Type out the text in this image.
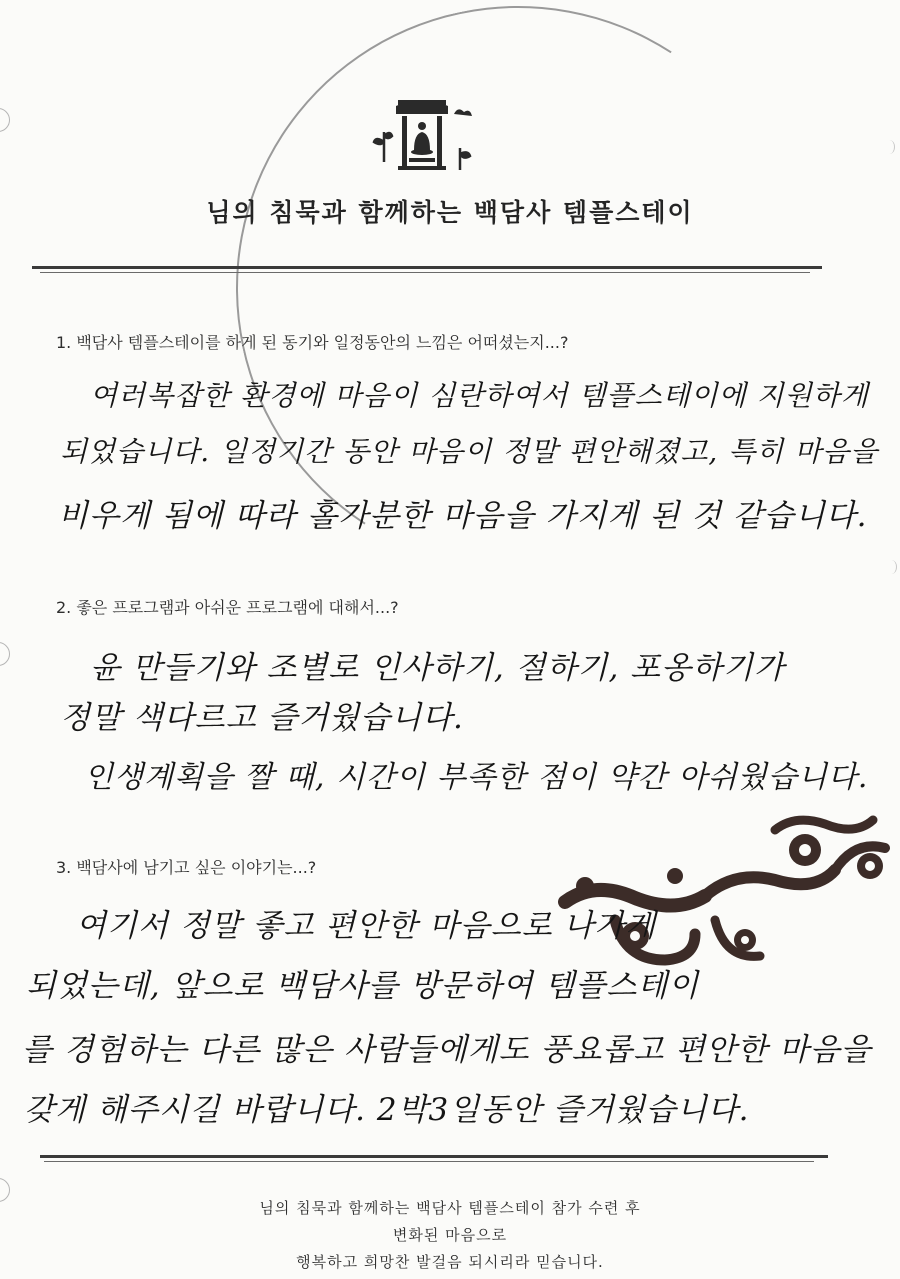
님의 침묵과 함께하는 백담사 템플스테이
1. 백담사 템플스테이를 하게 된 동기와 일정동안의 느낌은 어떠셨는지...?
여러복잡한 환경에 마음이 심란하여서 템플스테이에 지원하게
되었습니다. 일정기간 동안 마음이 정말 편안해졌고, 특히 마음을
비우게 됨에 따라 홀가분한 마음을 가지게 된 것 같습니다.
2. 좋은 프로그램과 아쉬운 프로그램에 대해서...?
윤 만들기와 조별로 인사하기, 절하기, 포옹하기가
정말 색다르고 즐거웠습니다.
인생계획을 짤 때, 시간이 부족한 점이 약간 아쉬웠습니다.
3. 백담사에 남기고 싶은 이야기는...?
여기서 정말 좋고 편안한 마음으로 나가게
되었는데, 앞으로 백담사를 방문하여 템플스테이
를 경험하는 다른 많은 사람들에게도 풍요롭고 편안한 마음을
갖게 해주시길 바랍니다. 2박3일동안 즐거웠습니다.
님의 침묵과 함께하는 백담사 템플스테이 참가 수련 후
변화된 마음으로
행복하고 희망찬 발걸음 되시리라 믿습니다.
